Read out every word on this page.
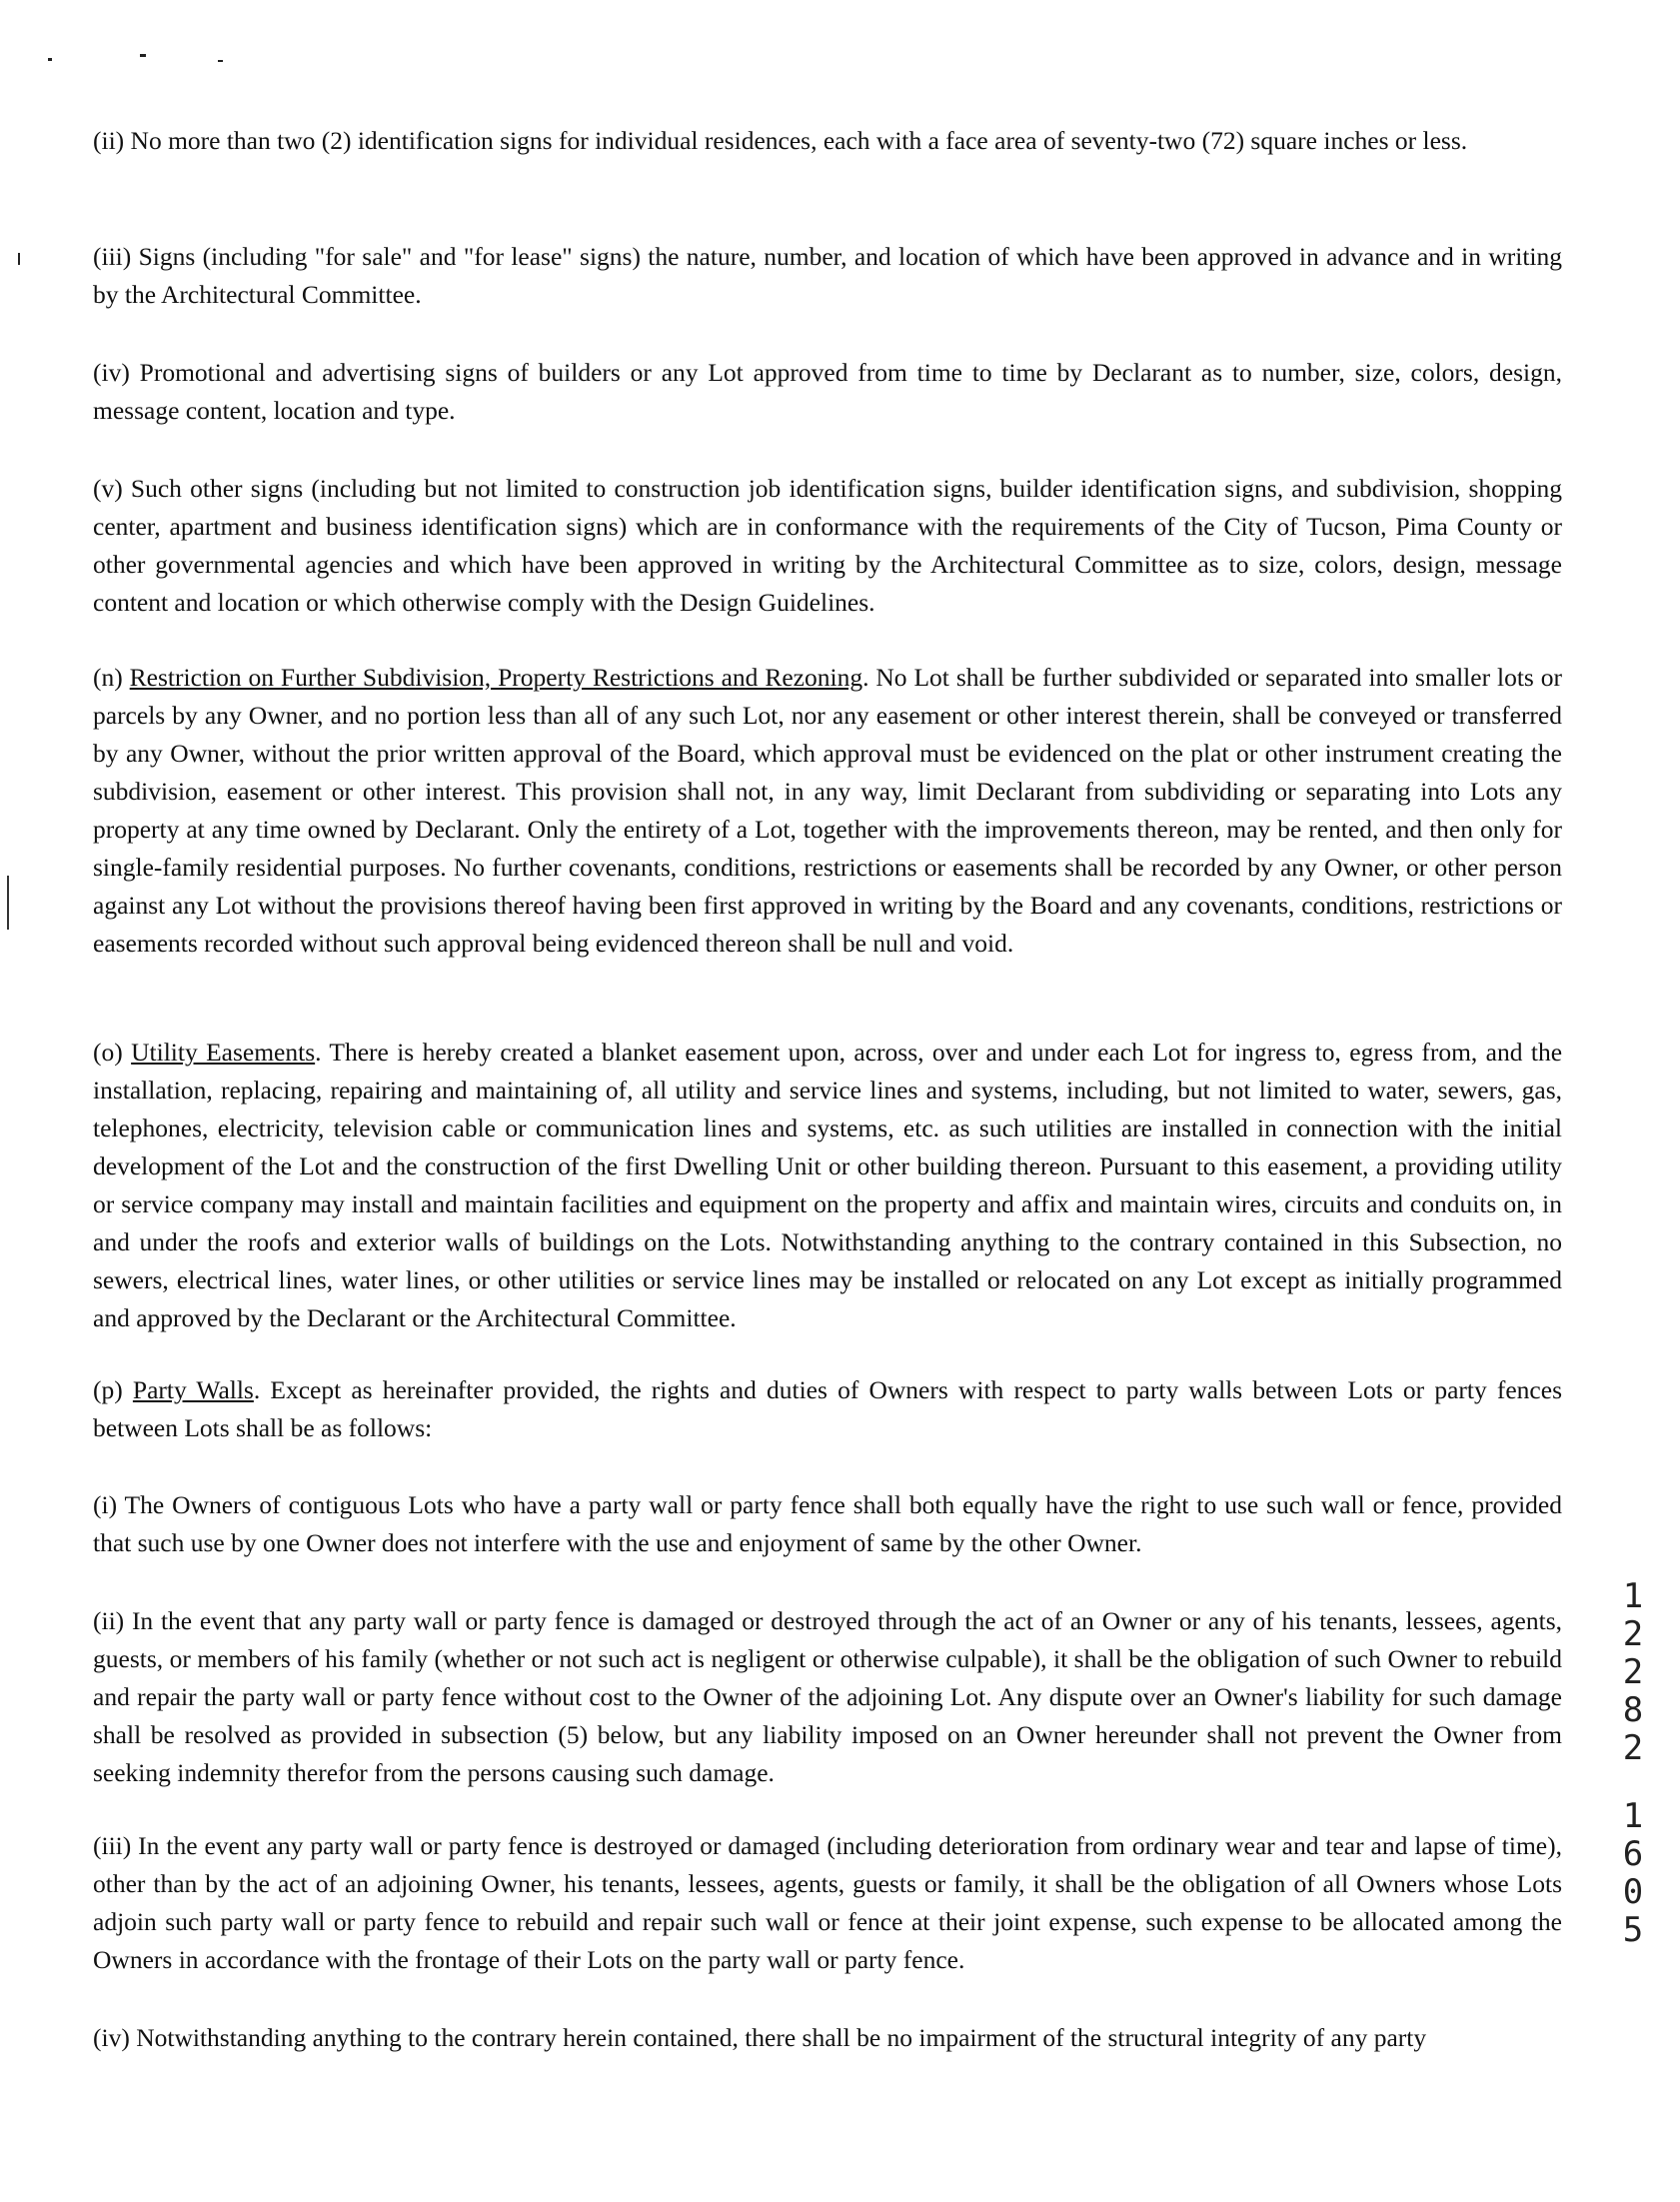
(ii) No more than two (2) identification signs for individual residences, each with a face area of seventy-two (72) square inches or less.

(iii) Signs (including "for sale" and "for lease" signs) the nature, number, and location of which have been approved in advance and in writing by the Architectural Committee.

(iv) Promotional and advertising signs of builders or any Lot approved from time to time by Declarant as to number, size, colors, design, message content, location and type.

(v) Such other signs (including but not limited to construction job identification signs, builder identification signs, and subdivision, shopping center, apartment and business identification signs) which are in conformance with the requirements of the City of Tucson, Pima County or other governmental agencies and which have been approved in writing by the Architectural Committee as to size, colors, design, message content and location or which otherwise comply with the Design Guidelines.

(n) Restriction on Further Subdivision, Property Restrictions and Rezoning. No Lot shall be further subdivided or separated into smaller lots or parcels by any Owner, and no portion less than all of any such Lot, nor any easement or other interest therein, shall be conveyed or transferred by any Owner, without the prior written approval of the Board, which approval must be evidenced on the plat or other instrument creating the subdivision, easement or other interest. This provision shall not, in any way, limit Declarant from subdividing or separating into Lots any property at any time owned by Declarant. Only the entirety of a Lot, together with the improvements thereon, may be rented, and then only for single-family residential purposes. No further covenants, conditions, restrictions or easements shall be recorded by any Owner, or other person against any Lot without the provisions thereof having been first approved in writing by the Board and any covenants, conditions, restrictions or easements recorded without such approval being evidenced thereon shall be null and void.

(o) Utility Easements. There is hereby created a blanket easement upon, across, over and under each Lot for ingress to, egress from, and the installation, replacing, repairing and maintaining of, all utility and service lines and systems, including, but not limited to water, sewers, gas, telephones, electricity, television cable or communication lines and systems, etc. as such utilities are installed in connection with the initial development of the Lot and the construction of the first Dwelling Unit or other building thereon. Pursuant to this easement, a providing utility or service company may install and maintain facilities and equipment on the property and affix and maintain wires, circuits and conduits on, in and under the roofs and exterior walls of buildings on the Lots. Notwithstanding anything to the contrary contained in this Subsection, no sewers, electrical lines, water lines, or other utilities or service lines may be installed or relocated on any Lot except as initially programmed and approved by the Declarant or the Architectural Committee.

(p) Party Walls. Except as hereinafter provided, the rights and duties of Owners with respect to party walls between Lots or party fences between Lots shall be as follows:

(i) The Owners of contiguous Lots who have a party wall or party fence shall both equally have the right to use such wall or fence, provided that such use by one Owner does not interfere with the use and enjoyment of same by the other Owner.

(ii) In the event that any party wall or party fence is damaged or destroyed through the act of an Owner or any of his tenants, lessees, agents, guests, or members of his family (whether or not such act is negligent or otherwise culpable), it shall be the obligation of such Owner to rebuild and repair the party wall or party fence without cost to the Owner of the adjoining Lot. Any dispute over an Owner's liability for such damage shall be resolved as provided in subsection (5) below, but any liability imposed on an Owner hereunder shall not prevent the Owner from seeking indemnity therefor from the persons causing such damage.

(iii) In the event any party wall or party fence is destroyed or damaged (including deterioration from ordinary wear and tear and lapse of time), other than by the act of an adjoining Owner, his tenants, lessees, agents, guests or family, it shall be the obligation of all Owners whose Lots adjoin such party wall or party fence to rebuild and repair such wall or fence at their joint expense, such expense to be allocated among the Owners in accordance with the frontage of their Lots on the party wall or party fence.

(iv) Notwithstanding anything to the contrary herein contained, there shall be no impairment of the structural integrity of any party

1
2
2
8
2
1
6
0
5
